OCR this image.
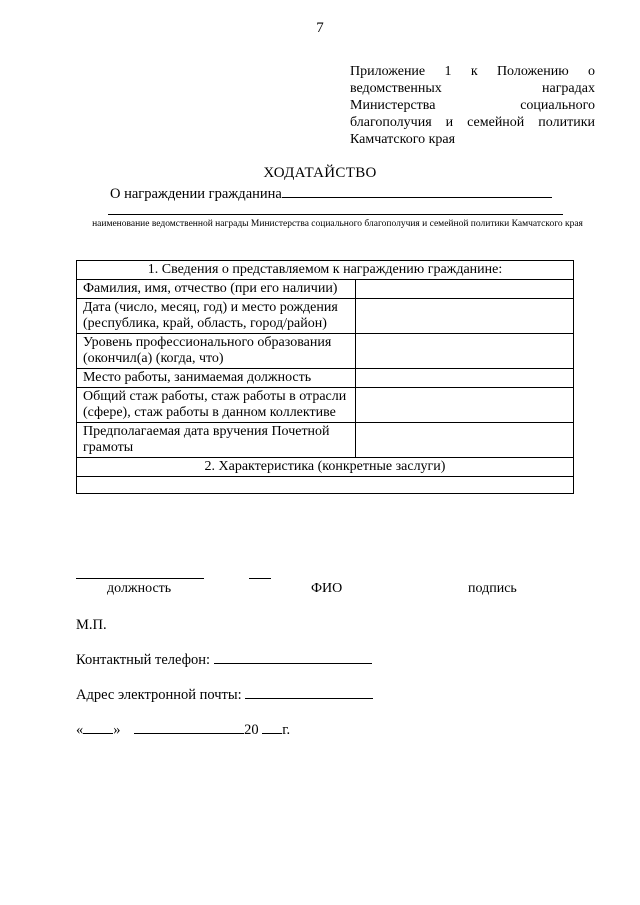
7
Приложение 1 к Положению о
ведомственных наградах
Министерства социального
благополучия и семейной политики
Камчатского края
ХОДАТАЙСТВО
О награждении гражданина
наименование ведомственной награды Министерства социального благополучия и семейной политики Камчатского края
1. Сведения о представляемом к награждению гражданине:	
Фамилия, имя, отчество (при его наличии)	
Дата (число, месяц, год) и место рождения (республика, край, область, город/район)	
Уровень профессионального образования (окончил(а) (когда, что)	
Место работы, занимаемая должность	
Общий стаж работы, стаж работы в отрасли (сфере), стаж работы в данном коллективе	
Предполагаемая дата вручения Почетной грамоты	
2. Характеристика (конкретные заслуги)	

должность	ФИО	подпись
М.П.
Контактный телефон:
Адрес электронной почты:
« »	20 г.
